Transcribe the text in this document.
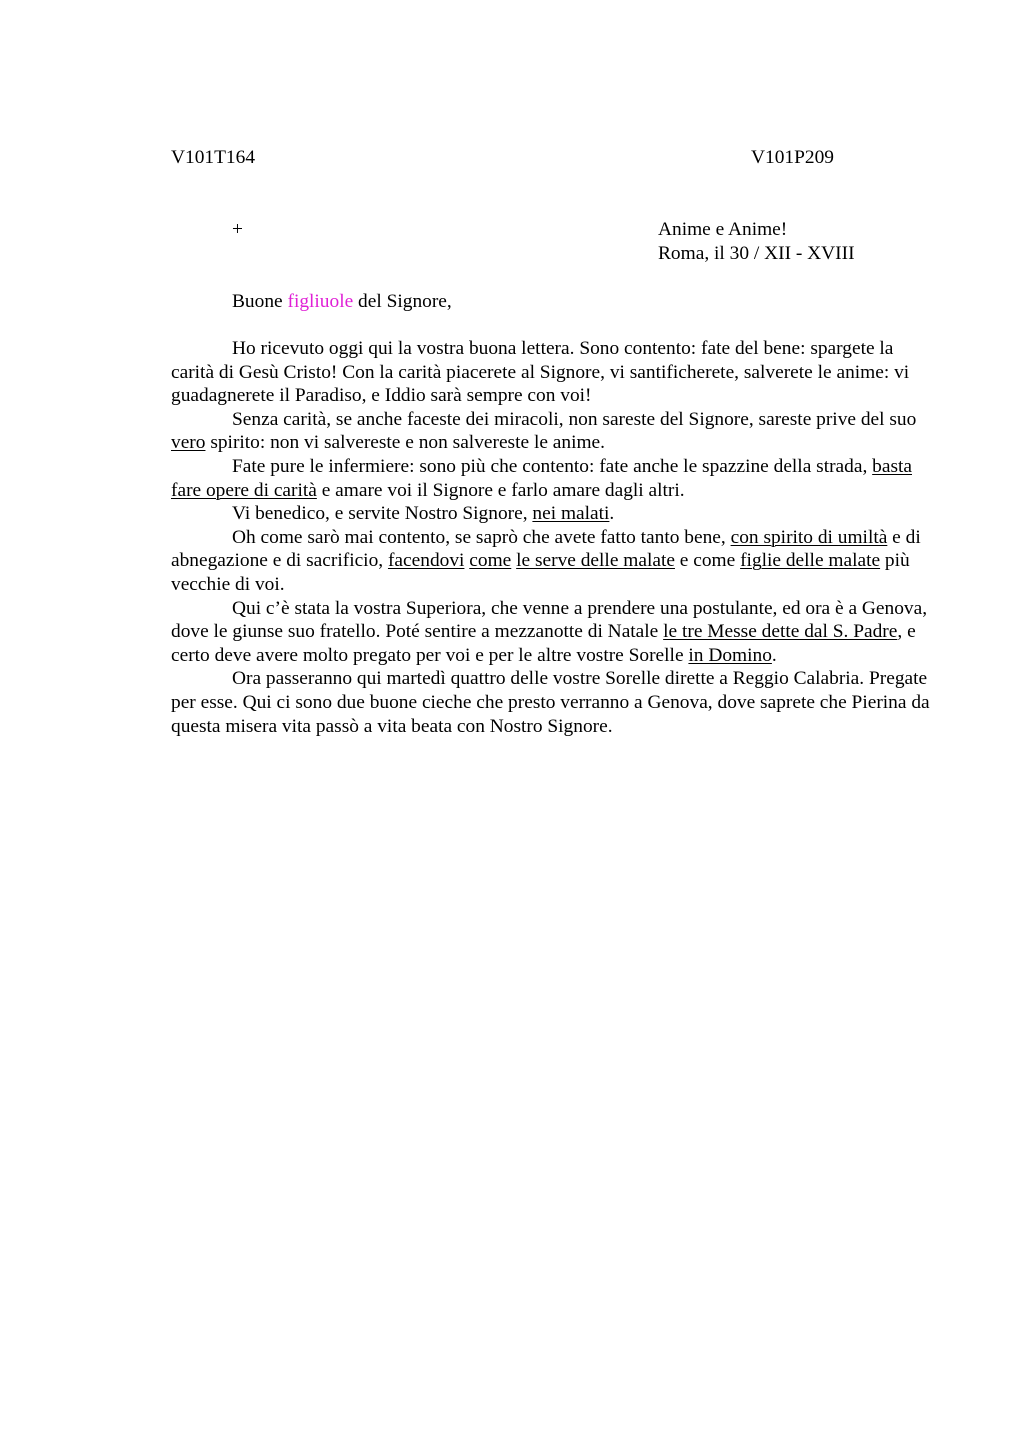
V101T164	V101P209
+	Anime e Anime!
Roma, il 30 / XII - XVIII
Buone figliuole del Signore,

Ho ricevuto oggi qui la vostra buona lettera. Sono contento: fate del bene: spargete la carità di Gesù Cristo! Con la carità piacerete al Signore, vi santificherete, salverete le anime: vi guadagnerete il Paradiso, e Iddio sarà sempre con voi!

Senza carità, se anche faceste dei miracoli, non sareste del Signore, sareste prive del suo vero spirito: non vi salvereste e non salvereste le anime.

Fate pure le infermiere: sono più che contento: fate anche le spazzine della strada, basta fare opere di carità e amare voi il Signore e farlo amare dagli altri.

Vi benedico, e servite Nostro Signore, nei malati.

Oh come sarò mai contento, se saprò che avete fatto tanto bene, con spirito di umiltà e di abnegazione e di sacrificio, facendovi come le serve delle malate e come figlie delle malate più vecchie di voi.

Qui c’è stata la vostra Superiora, che venne a prendere una postulante, ed ora è a Genova, dove le giunse suo fratello. Poté sentire a mezzanotte di Natale le tre Messe dette dal S. Padre, e certo deve avere molto pregato per voi e per le altre vostre Sorelle in Domino.

Ora passeranno qui martedì quattro delle vostre Sorelle dirette a Reggio Calabria. Pregate per esse. Qui ci sono due buone cieche che presto verranno a Genova, dove saprete che Pierina da questa misera vita passò a vita beata con Nostro Signore.
